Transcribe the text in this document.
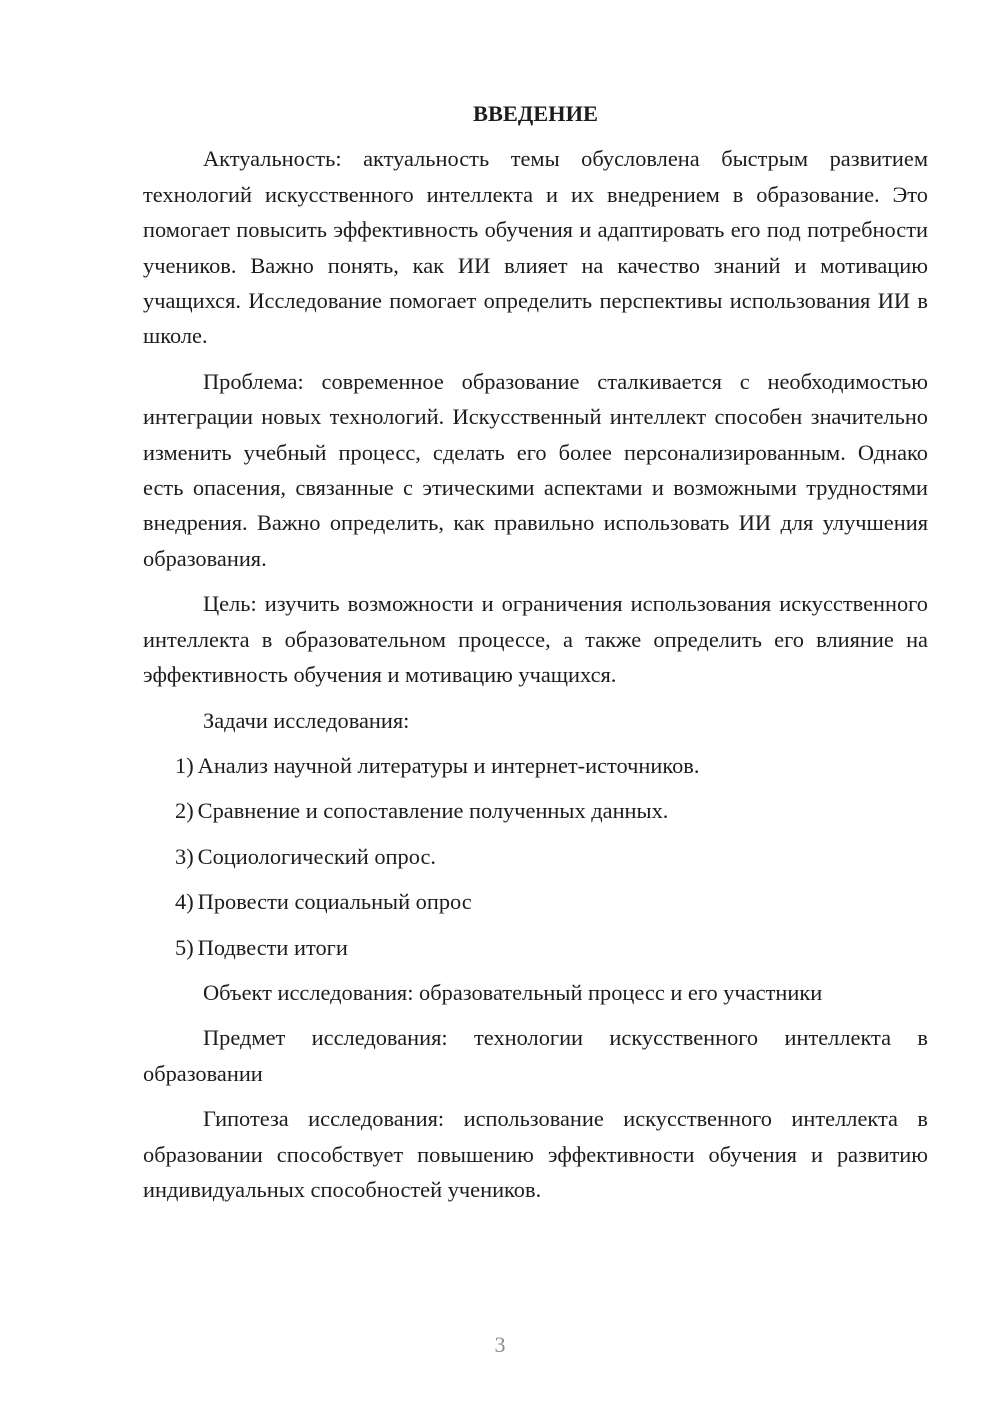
ВВЕДЕНИЕ

Актуальность: актуальность темы обусловлена быстрым развитием технологий искусственного интеллекта и их внедрением в образование. Это помогает повысить эффективность обучения и адаптировать его под потребности учеников. Важно понять, как ИИ влияет на качество знаний и мотивацию учащихся. Исследование помогает определить перспективы использования ИИ в школе.

Проблема: современное образование сталкивается с необходимостью интеграции новых технологий. Искусственный интеллект способен значительно изменить учебный процесс, сделать его более персонализированным. Однако есть опасения, связанные с этическими аспектами и возможными трудностями внедрения. Важно определить, как правильно использовать ИИ для улучшения образования.

Цель: изучить возможности и ограничения использования искусственного интеллекта в образовательном процессе, а также определить его влияние на эффективность обучения и мотивацию учащихся.

Задачи исследования:

1) Анализ научной литературы и интернет-источников.
2) Сравнение и сопоставление полученных данных.
3) Социологический опрос.
4) Провести социальный опрос
5) Подвести итоги

Объект исследования: образовательный процесс и его участники

Предмет исследования: технологии искусственного интеллекта в образовании

Гипотеза исследования: использование искусственного интеллекта в образовании способствует повышению эффективности обучения и развитию индивидуальных способностей учеников.

3
